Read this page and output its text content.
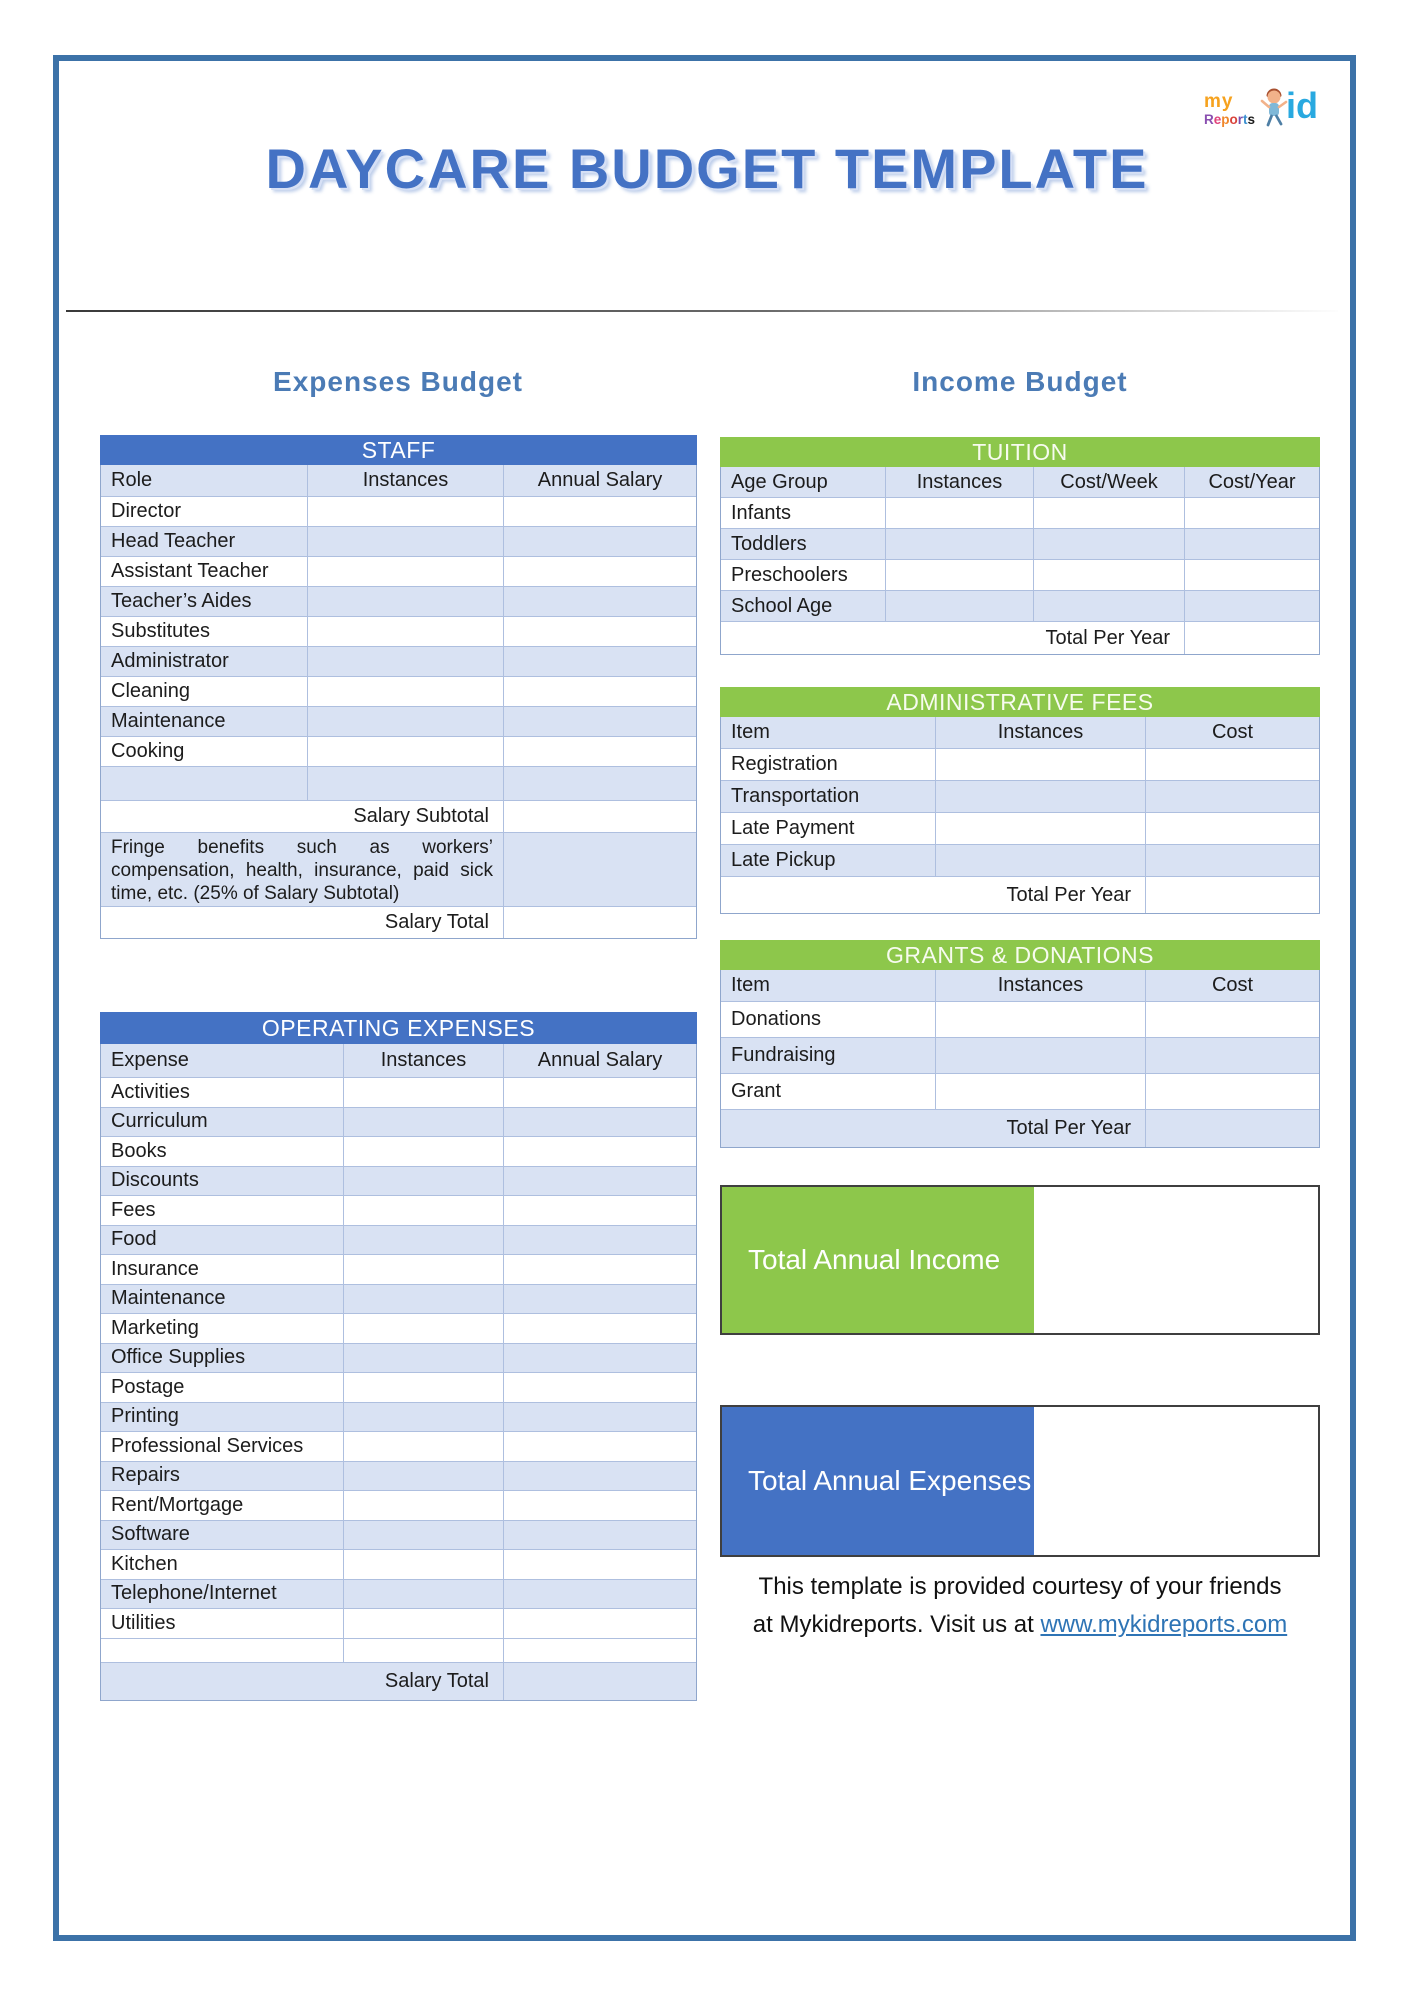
my
Reports id
DAYCARE BUDGET TEMPLATE
Expenses Budget	Income Budget
STAFF
Role	Instances	Annual Salary
Director
Head Teacher
Assistant Teacher
Teacher’s Aides
Substitutes
Administrator
Cleaning
Maintenance
Cooking
Salary Subtotal
Fringe benefits such as workers’ compensation, health, insurance, paid sick time, etc. (25% of Salary Subtotal)
Salary Total
OPERATING EXPENSES
Expense	Instances	Annual Salary
Activities
Curriculum
Books
Discounts
Fees
Food
Insurance
Maintenance
Marketing
Office Supplies
Postage
Printing
Professional Services
Repairs
Rent/Mortgage
Software
Kitchen
Telephone/Internet
Utilities
Salary Total
TUITION
Age Group	Instances	Cost/Week	Cost/Year
Infants
Toddlers
Preschoolers
School Age
Total Per Year
ADMINISTRATIVE FEES
Item	Instances	Cost
Registration
Transportation
Late Payment
Late Pickup
Total Per Year
GRANTS & DONATIONS
Item	Instances	Cost
Donations
Fundraising
Grant
Total Per Year
Total Annual Income
Total Annual Expenses
This template is provided courtesy of your friends
at Mykidreports. Visit us at www.mykidreports.com
